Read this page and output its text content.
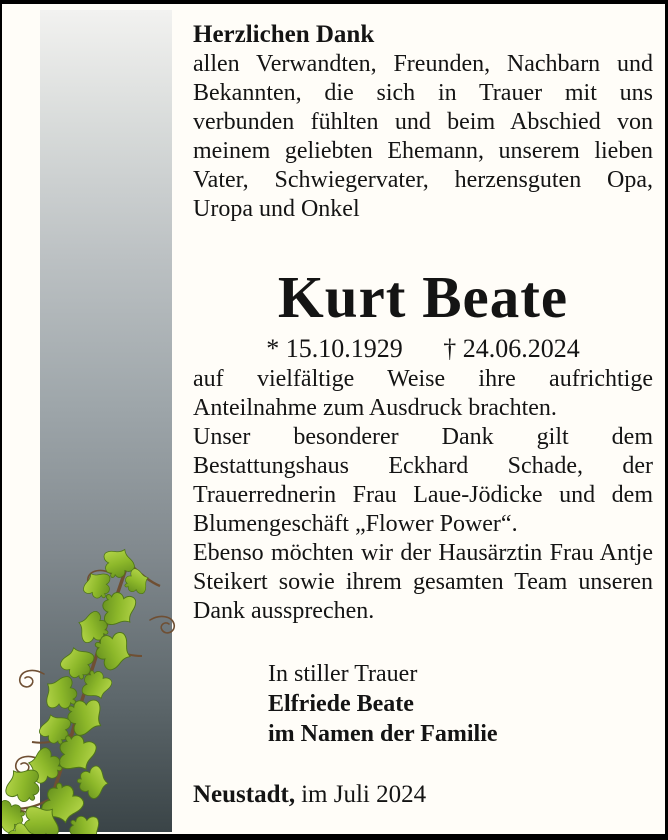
Herzlichen Dank

allen Verwandten, Freunden, Nachbarn und Bekannten, die sich in Trauer mit uns verbunden fühlten und beim Abschied von meinem geliebten Ehemann, unserem lieben Vater, Schwiegervater, herzensguten Opa, Uropa und Onkel

Kurt Beate
* 15.10.1929 † 24.06.2024

auf vielfältige Weise ihre aufrichtige Anteilnahme zum Ausdruck brachten.

Unser besonderer Dank gilt dem Bestattungshaus Eckhard Schade, der Trauerrednerin Frau Laue-Jödicke und dem Blumengeschäft „Flower Power“.

Ebenso möchten wir der Hausärztin Frau Antje Steikert sowie ihrem gesamten Team unseren Dank aussprechen.

In stiller Trauer
Elfriede Beate
im Namen der Familie
Neustadt, im Juli 2024
